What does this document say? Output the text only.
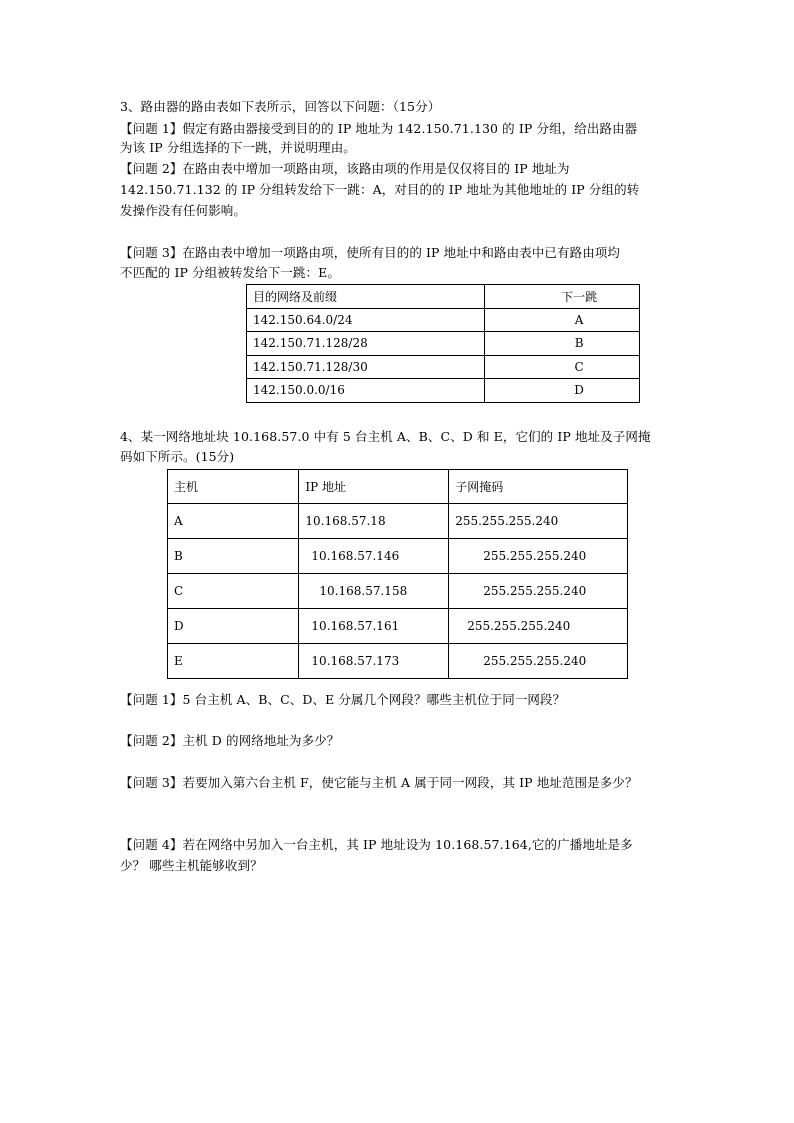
3、路由器的路由表如下表所示，回答以下问题：（15分）
【问题 1】假定有路由器接受到目的的 IP 地址为 142.150.71.130 的 IP 分组，给出路由器
为该 IP 分组选择的下一跳，并说明理由。
【问题 2】在路由表中增加一项路由项，该路由项的作用是仅仅将目的 IP 地址为
142.150.71.132 的 IP 分组转发给下一跳：A，对目的的 IP 地址为其他地址的 IP 分组的转
发操作没有任何影响。
【问题 3】在路由表中增加一项路由项，使所有目的的 IP 地址中和路由表中已有路由项均
不匹配的 IP 分组被转发给下一跳：E。
目的网络及前缀	下一跳
142.150.64.0/24	A
142.150.71.128/28	B
142.150.71.128/30	C
142.150.0.0/16	D
4、某一网络地址块 10.168.57.0 中有 5 台主机 A、B、C、D 和 E，它们的 IP 地址及子网掩
码如下所示。(15分)
主机	IP 地址	子网掩码
A	10.168.57.18	255.255.255.240
B	10.168.57.146	255.255.255.240
C	10.168.57.158	255.255.255.240
D	10.168.57.161	255.255.255.240
E	10.168.57.173	255.255.255.240
【问题 1】5 台主机 A、B、C、D、E 分属几个网段？哪些主机位于同一网段？
【问题 2】主机 D 的网络地址为多少？
【问题 3】若要加入第六台主机 F，使它能与主机 A 属于同一网段，其 IP 地址范围是多少？
【问题 4】若在网络中另加入一台主机，其 IP 地址设为 10.168.57.164,它的广播地址是多
少？ 哪些主机能够收到？
